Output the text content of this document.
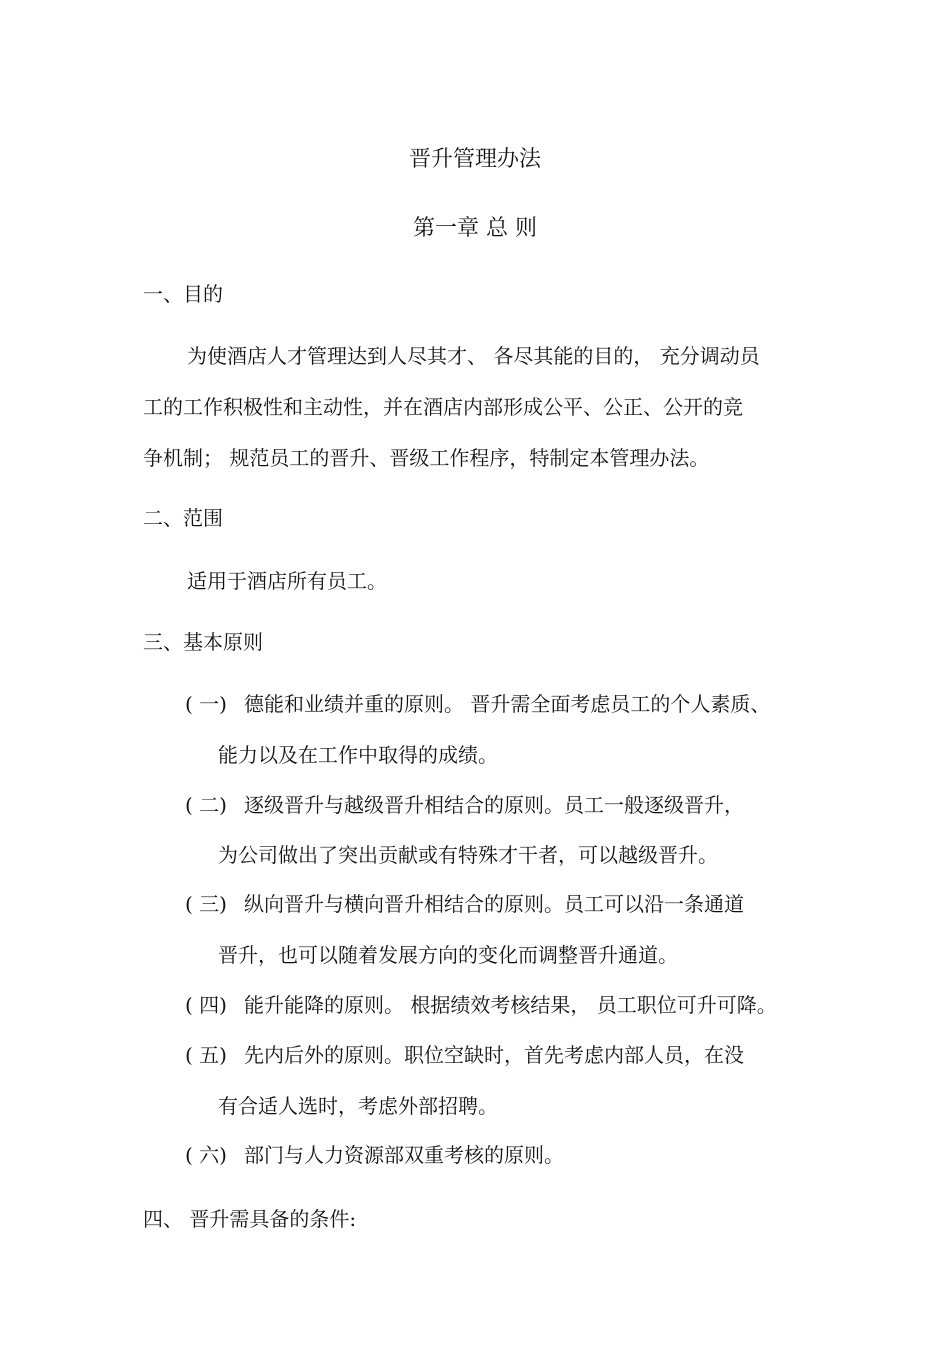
晋升管理办法
第一章 总 则
一、目的
为使酒店人才管理达到人尽其才、 各尽其能的目的， 充分调动员
工的工作积极性和主动性，并在酒店内部形成公平、公正、公开的竞
争机制； 规范员工的晋升、晋级工作程序，特制定本管理办法。
二、范围
适用于酒店所有员工。
三、基本原则
( 一) 德能和业绩并重的原则。 晋升需全面考虑员工的个人素质、
能力以及在工作中取得的成绩。
( 二) 逐级晋升与越级晋升相结合的原则。员工一般逐级晋升，
为公司做出了突出贡献或有特殊才干者，可以越级晋升。
( 三) 纵向晋升与横向晋升相结合的原则。员工可以沿一条通道
晋升，也可以随着发展方向的变化而调整晋升通道。
( 四) 能升能降的原则。 根据绩效考核结果， 员工职位可升可降。
( 五) 先内后外的原则。职位空缺时，首先考虑内部人员，在没
有合适人选时，考虑外部招聘。
( 六) 部门与人力资源部双重考核的原则。
四、 晋升需具备的条件:
